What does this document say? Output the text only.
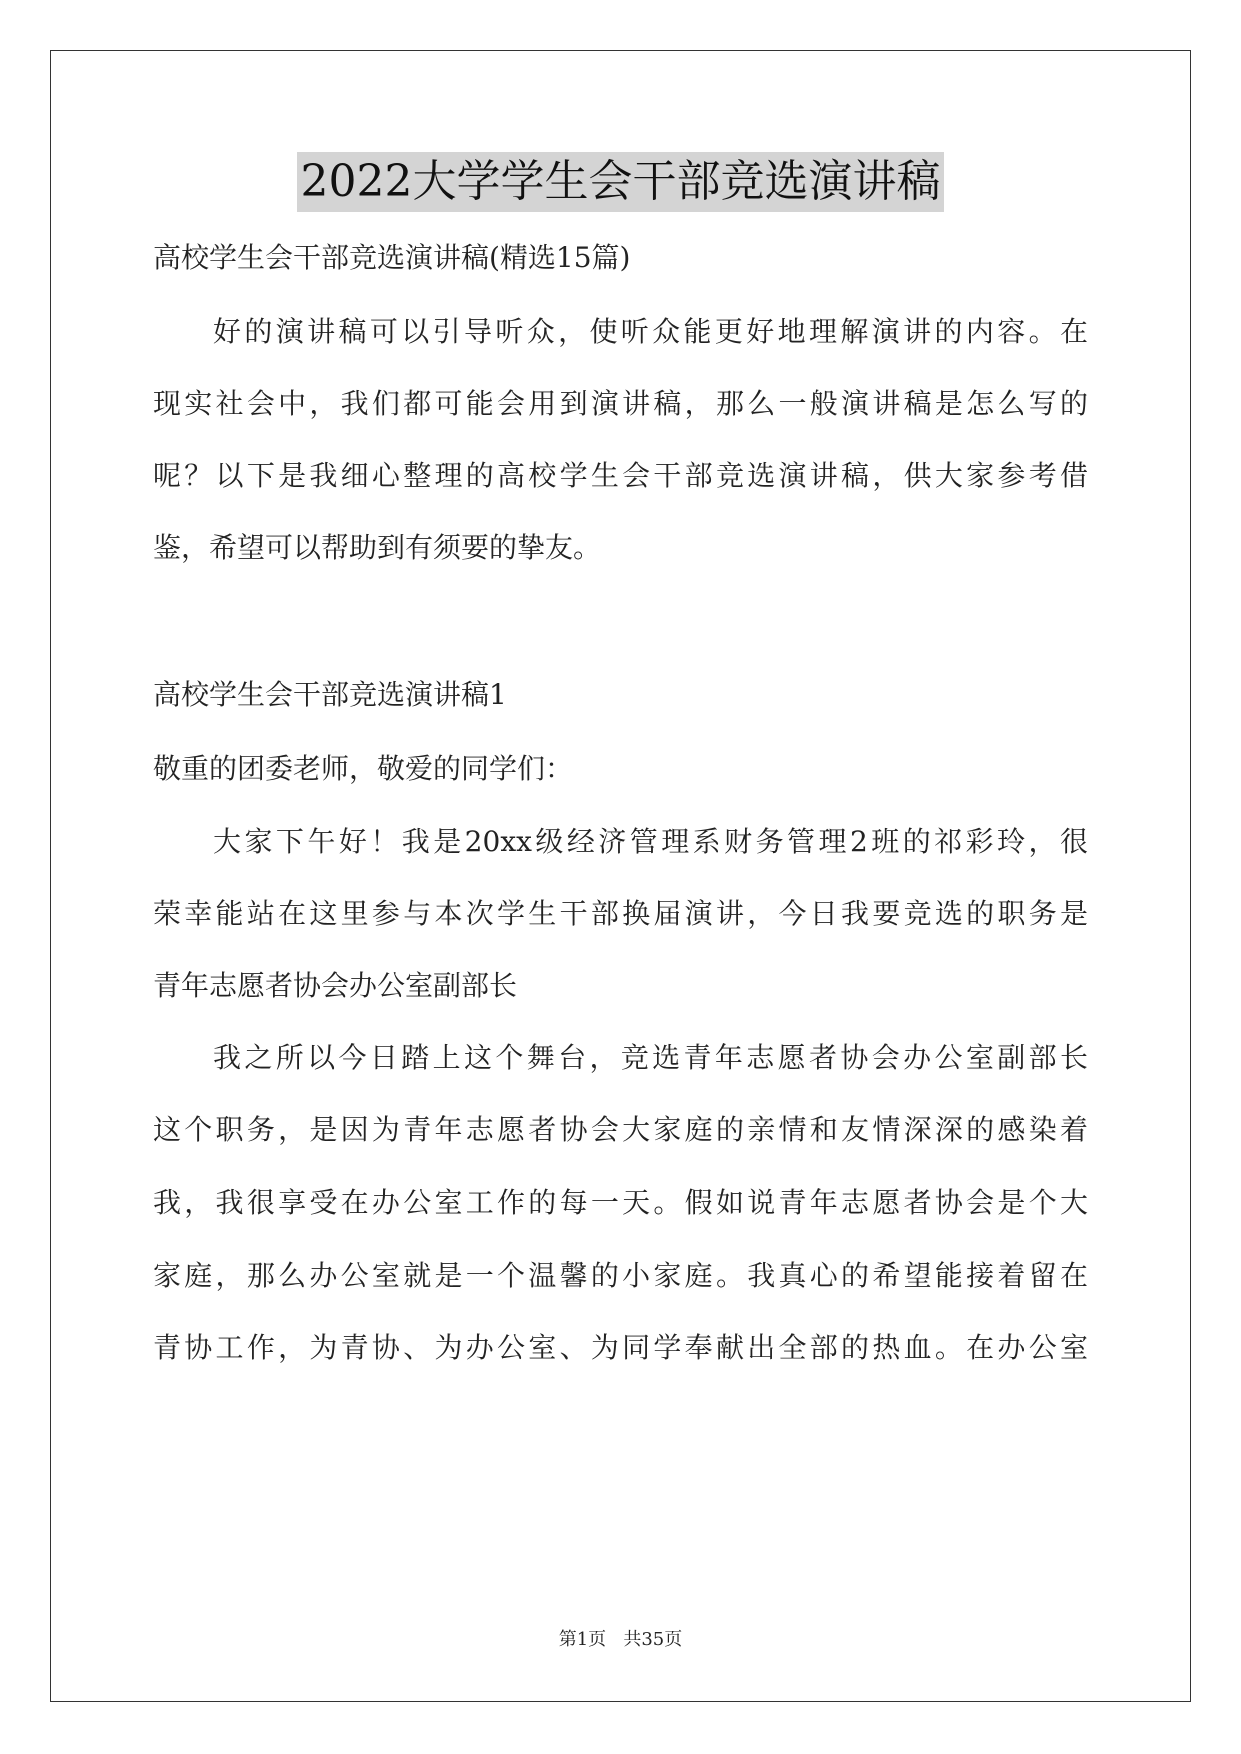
2022大学学生会干部竞选演讲稿
高校学生会干部竞选演讲稿(精选15篇)
好的演讲稿可以引导听众，使听众能更好地理解演讲的内容。在
现实社会中，我们都可能会用到演讲稿，那么一般演讲稿是怎么写的
呢？以下是我细心整理的高校学生会干部竞选演讲稿，供大家参考借
鉴，希望可以帮助到有须要的挚友。
高校学生会干部竞选演讲稿1
敬重的团委老师，敬爱的同学们：
大家下午好！我是20xx级经济管理系财务管理2班的祁彩玲，很
荣幸能站在这里参与本次学生干部换届演讲，今日我要竞选的职务是
青年志愿者协会办公室副部长
我之所以今日踏上这个舞台，竞选青年志愿者协会办公室副部长
这个职务，是因为青年志愿者协会大家庭的亲情和友情深深的感染着
我，我很享受在办公室工作的每一天。假如说青年志愿者协会是个大
家庭，那么办公室就是一个温馨的小家庭。我真心的希望能接着留在
青协工作，为青协、为办公室、为同学奉献出全部的热血。在办公室
第1页   共35页
